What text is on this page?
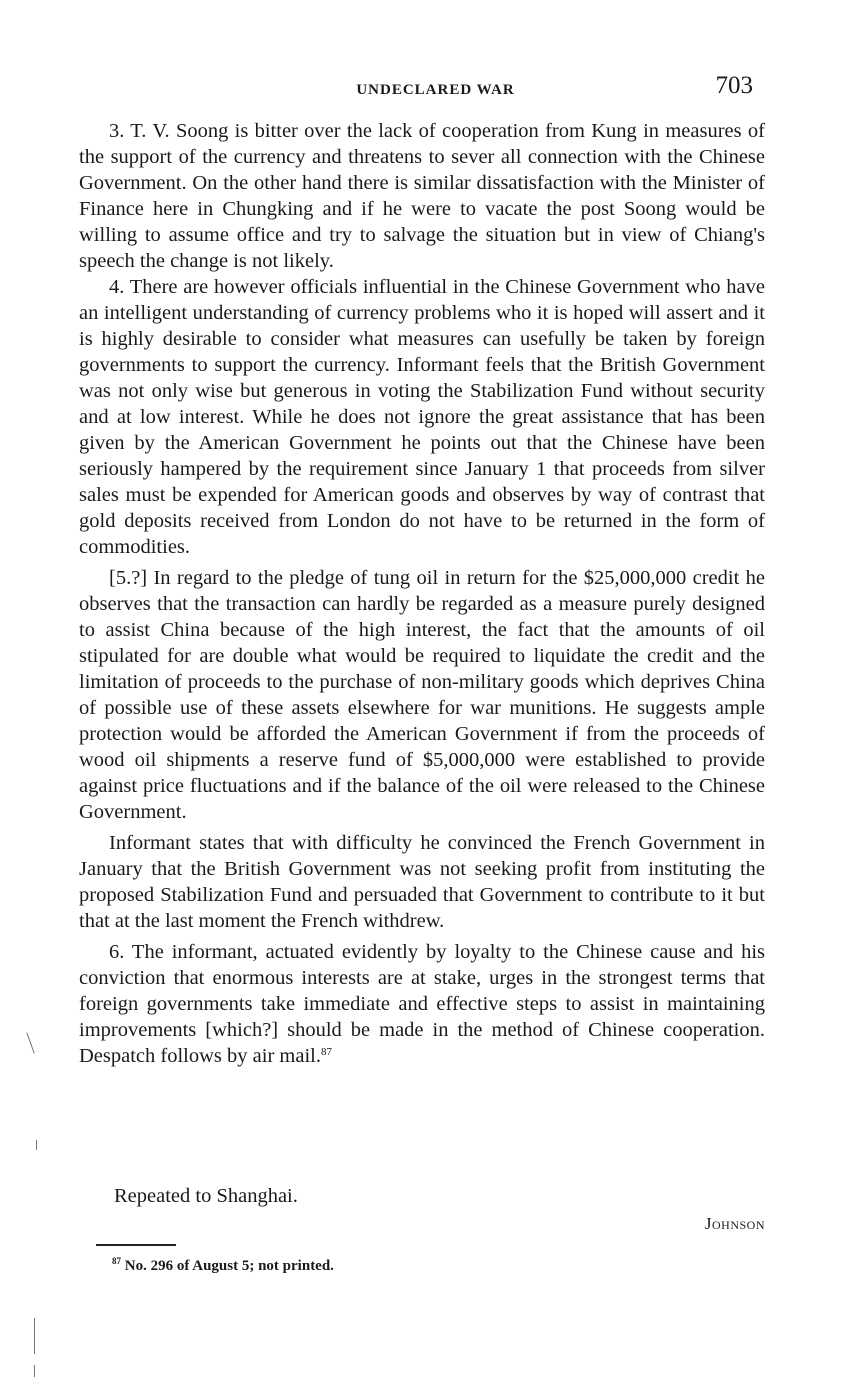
UNDECLARED WAR	703

3. T. V. Soong is bitter over the lack of cooperation from Kung in measures of the support of the currency and threatens to sever all connection with the Chinese Government. On the other hand there is similar dissatisfaction with the Minister of Finance here in Chungking and if he were to vacate the post Soong would be willing to assume office and try to salvage the situation but in view of Chiang's speech the change is not likely.

4. There are however officials influential in the Chinese Government who have an intelligent understanding of currency problems who it is hoped will assert and it is highly desirable to consider what measures can usefully be taken by foreign governments to support the currency. Informant feels that the British Government was not only wise but generous in voting the Stabilization Fund without security and at low interest. While he does not ignore the great assistance that has been given by the American Government he points out that the Chinese have been seriously hampered by the requirement since January 1 that proceeds from silver sales must be expended for American goods and observes by way of contrast that gold deposits received from London do not have to be returned in the form of commodities.

[5.?] In regard to the pledge of tung oil in return for the $25,000,000 credit he observes that the transaction can hardly be regarded as a measure purely designed to assist China because of the high interest, the fact that the amounts of oil stipulated for are double what would be required to liquidate the credit and the limitation of proceeds to the purchase of non-military goods which deprives China of possible use of these assets elsewhere for war munitions. He suggests ample protection would be afforded the American Government if from the proceeds of wood oil shipments a reserve fund of $5,000,000 were established to provide against price fluctuations and if the balance of the oil were released to the Chinese Government.

Informant states that with difficulty he convinced the French Government in January that the British Government was not seeking profit from instituting the proposed Stabilization Fund and persuaded that Government to contribute to it but that at the last moment the French withdrew.

6. The informant, actuated evidently by loyalty to the Chinese cause and his conviction that enormous interests are at stake, urges in the strongest terms that foreign governments take immediate and effective steps to assist in maintaining improvements [which?] should be made in the method of Chinese cooperation. Despatch follows by air mail.$^{87}$

Repeated to Shanghai.

Johnson

$^{87}$ No. 296 of August 5; not printed.
